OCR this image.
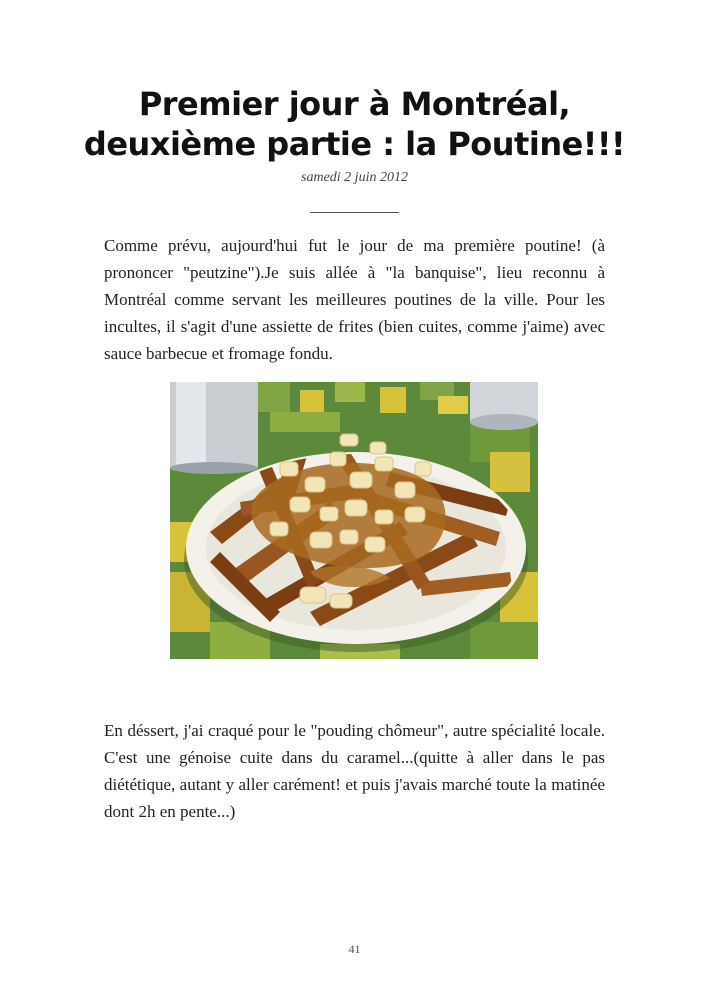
Premier jour à Montréal,
deuxième partie : la Poutine!!!
samedi 2 juin 2012
___________
Comme prévu, aujourd'hui fut le jour de ma première poutine! (à prononcer "peutzine").Je suis allée à "la banquise", lieu reconnu à Montréal comme servant les meilleures poutines de la ville. Pour les incultes, il s'agit d'une assiette de frites (bien cuites, comme j'aime) avec sauce barbecue et fromage fondu.
En déssert, j'ai craqué pour le "pouding chômeur", autre spécialité locale. C'est une génoise cuite dans du caramel...(quitte à aller dans le pas diététique, autant y aller carément! et puis j'avais marché toute la matinée dont 2h en pente...)
41
